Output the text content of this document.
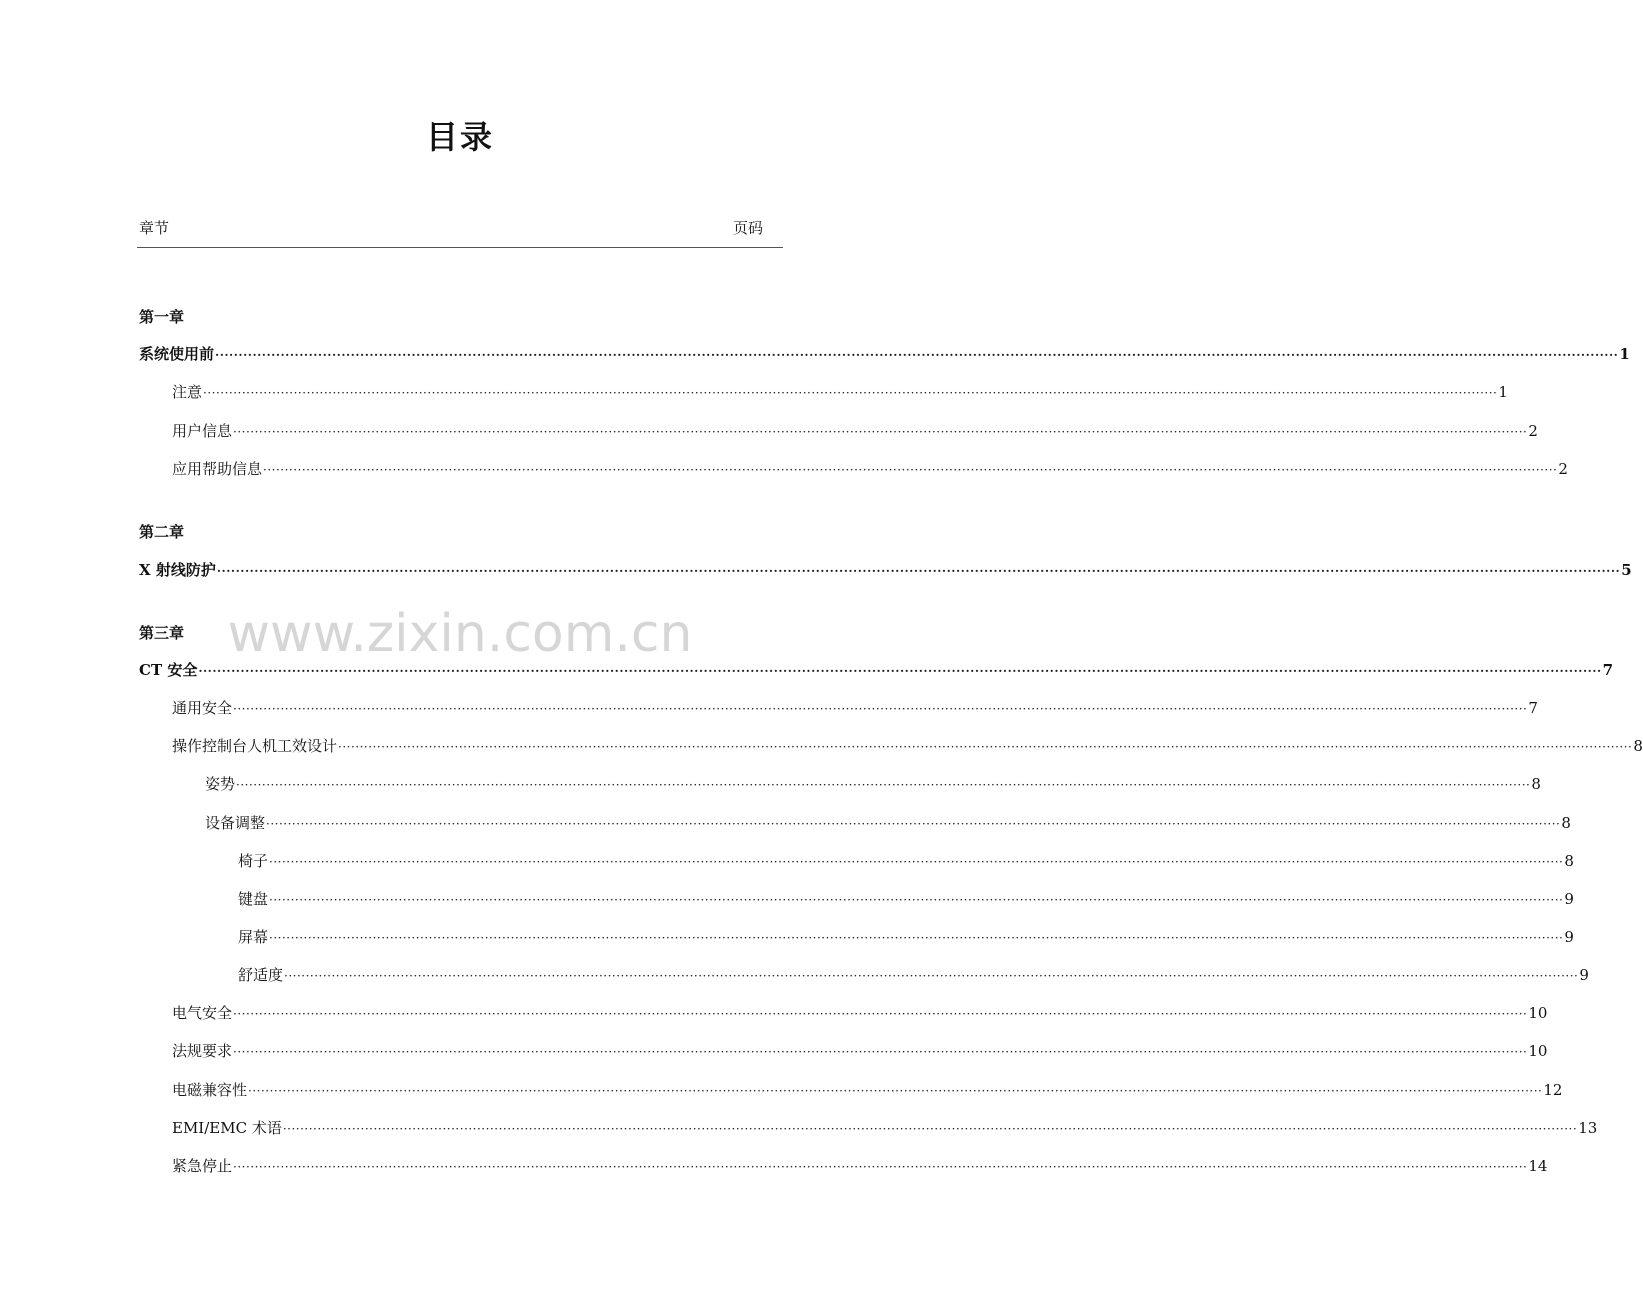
目录
章节	页码
第一章
第二章
第三章
系统使用前 ············································································································································································································································································································ 1
注意 ············································································································································································································································································································ 1
用户信息 ············································································································································································································································································································ 2
应用帮助信息 ············································································································································································································································································································ 2
X 射线防护 ············································································································································································································································································································ 5
CT 安全 ············································································································································································································································································································ 7
通用安全 ············································································································································································································································································································ 7
操作控制台人机工效设计 ············································································································································································································································································································ 8
姿势 ············································································································································································································································································································ 8
设备调整 ············································································································································································································································································································ 8
椅子 ············································································································································································································································································································ 8
键盘 ············································································································································································································································································································ 9
屏幕 ············································································································································································································································································································ 9
舒适度 ············································································································································································································································································································ 9
电气安全 ············································································································································································································································································································ 10
法规要求 ············································································································································································································································································································ 10
电磁兼容性 ············································································································································································································································································································ 12
EMI/EMC 术语 ············································································································································································································································································································ 13
紧急停止 ············································································································································································································································································································ 14
www.zixin.com.cn
